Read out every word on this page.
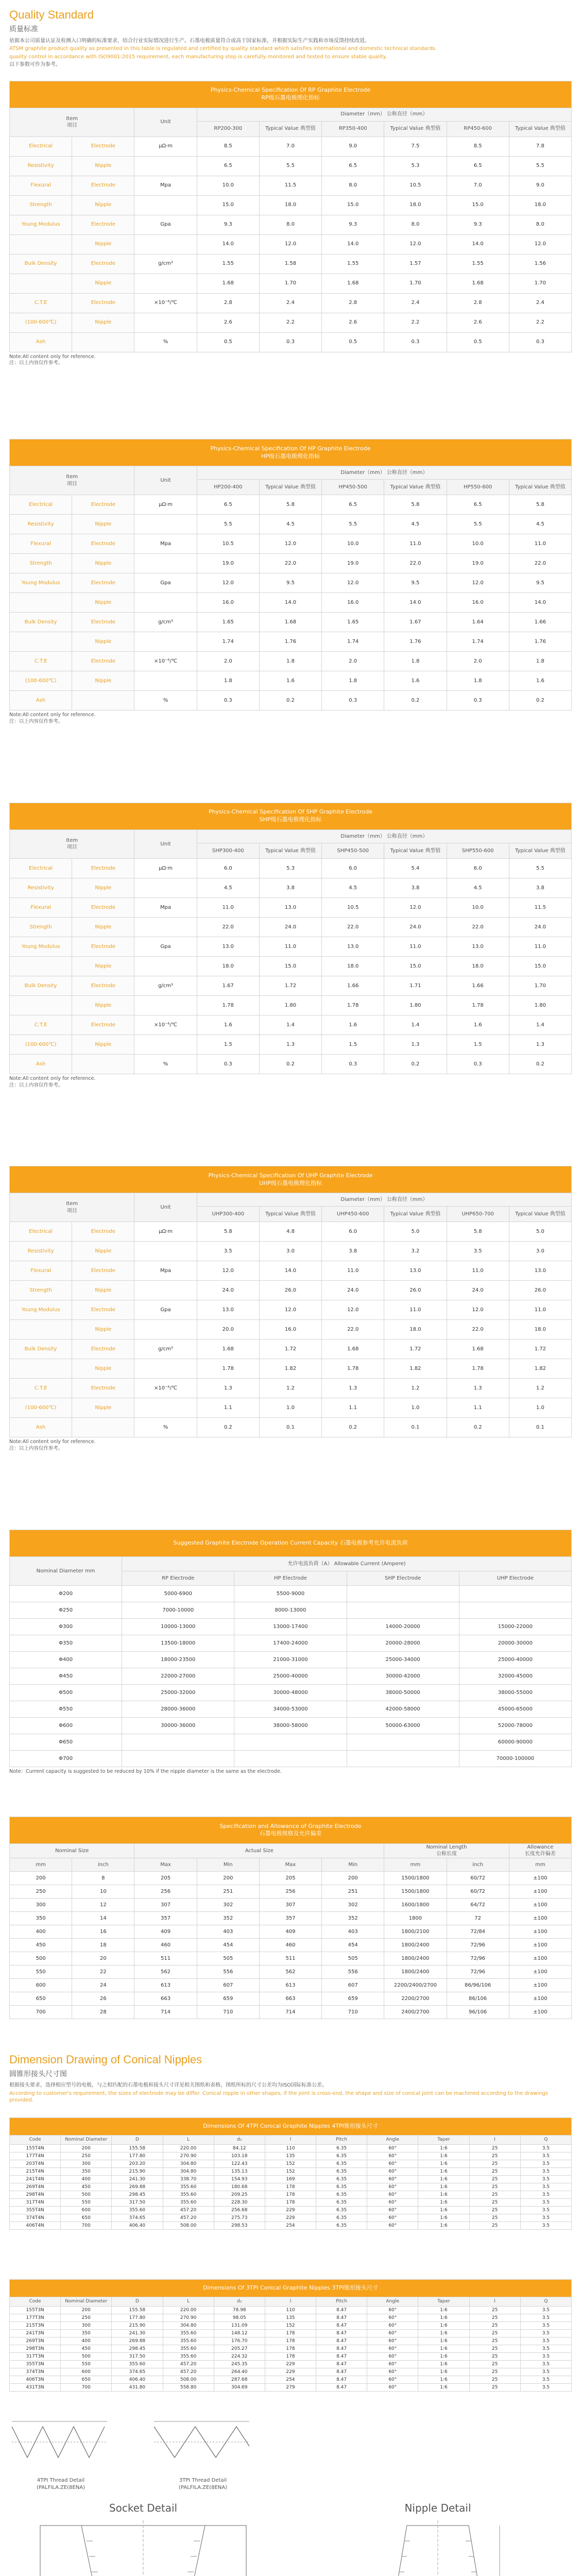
Quality Standard
质量标准

依据本公司质量认证及检测入口明确的标准要求，结合行业实际情况进行生产。石墨电极质量符合或高于国家标准，并根据实际生产实践和市场反馈持续改进。

ATSM graphite product quality as presented in this table is regulated and certified by quality standard which satisfies international and domestic technical standards.

quality control in accordance with ISO9001:2015 requirement, each manufacturing step is carefully monitored and tested to ensure stable quality.

以下参数可作为参考。

Physics-Chemical Specification Of RP Graphite Electrode
RP级石墨电极理化指标								
Item
项目		Unit	Diameter（mm） 公称直径（mm）					
			RP200-300	Typical Value 典型值	RP350-400	Typical Value 典型值	RP450-600	Typical Value 典型值
Electrical	Electrode	μΩ·m	8.5	7.0	9.0	7.5	8.5	7.8
Resistivity	Nipple		6.5	5.5	6.5	5.3	6.5	5.5
Flexural	Electrode	Mpa	10.0	11.5	8.0	10.5	7.0	9.0
Strength	Nipple		15.0	18.0	15.0	18.0	15.0	18.0
Young Modulus	Electrode	Gpa	9.3	8.0	9.3	8.0	9.3	8.0
	Nipple		14.0	12.0	14.0	12.0	14.0	12.0
Bulk Density	Electrode	g/cm³	1.55	1.58	1.55	1.57	1.55	1.56
	Nipple		1.68	1.70	1.68	1.70	1.68	1.70
C.T.E	Electrode	×10⁻⁶/℃	2.8	2.4	2.8	2.4	2.8	2.4
(100-600℃)	Nipple		2.6	2.2	2.6	2.2	2.6	2.2
Ash		%	0.5	0.3	0.5	0.3	0.5	0.3
Note:All content only for reference.
注：以上内容仅作参考。
Physics-Chemical Specification Of HP Graphite Electrode
HP级石墨电极理化指标								
Item
项目		Unit	Diameter（mm） 公称直径（mm）					
			HP200-400	Typical Value 典型值	HP450-500	Typical Value 典型值	HP550-600	Typical Value 典型值
Electrical	Electrode	μΩ·m	6.5	5.8	6.5	5.8	6.5	5.8
Resistivity	Nipple		5.5	4.5	5.5	4.5	5.5	4.5
Flexural	Electrode	Mpa	10.5	12.0	10.0	11.0	10.0	11.0
Strength	Nipple		19.0	22.0	19.0	22.0	19.0	22.0
Young Modulus	Electrode	Gpa	12.0	9.5	12.0	9.5	12.0	9.5
	Nipple		16.0	14.0	16.0	14.0	16.0	14.0
Bulk Density	Electrode	g/cm³	1.65	1.68	1.65	1.67	1.64	1.66
	Nipple		1.74	1.76	1.74	1.76	1.74	1.76
C.T.E	Electrode	×10⁻⁶/℃	2.0	1.8	2.0	1.8	2.0	1.8
(100-600℃)	Nipple		1.8	1.6	1.8	1.6	1.8	1.6
Ash		%	0.3	0.2	0.3	0.2	0.3	0.2
Note:All content only for reference.
注：以上内容仅作参考。
Physics-Chemical Specification Of SHP Graphite Electrode
SHP级石墨电极理化指标								
Item
项目		Unit	Diameter（mm） 公称直径（mm）					
			SHP300-400	Typical Value 典型值	SHP450-500	Typical Value 典型值	SHP550-600	Typical Value 典型值
Electrical	Electrode	μΩ·m	6.0	5.3	6.0	5.4	6.0	5.5
Resistivity	Nipple		4.5	3.8	4.5	3.8	4.5	3.8
Flexural	Electrode	Mpa	11.0	13.0	10.5	12.0	10.0	11.5
Strength	Nipple		22.0	24.0	22.0	24.0	22.0	24.0
Young Modulus	Electrode	Gpa	13.0	11.0	13.0	11.0	13.0	11.0
	Nipple		18.0	15.0	18.0	15.0	18.0	15.0
Bulk Density	Electrode	g/cm³	1.67	1.72	1.66	1.71	1.66	1.70
	Nipple		1.78	1.80	1.78	1.80	1.78	1.80
C.T.E	Electrode	×10⁻⁶/℃	1.6	1.4	1.6	1.4	1.6	1.4
(100-600℃)	Nipple		1.5	1.3	1.5	1.3	1.5	1.3
Ash		%	0.3	0.2	0.3	0.2	0.3	0.2
Note:All content only for reference.
注：以上内容仅作参考。
Physics-Chemical Specification Of UHP Graphite Electrode
UHP级石墨电极理化指标								
Item
项目		Unit	Diameter（mm） 公称直径（mm）					
			UHP300-400	Typical Value 典型值	UHP450-600	Typical Value 典型值	UHP650-700	Typical Value 典型值
Electrical	Electrode	μΩ·m	5.8	4.8	6.0	5.0	5.8	5.0
Resistivity	Nipple		3.5	3.0	3.8	3.2	3.5	3.0
Flexural	Electrode	Mpa	12.0	14.0	11.0	13.0	11.0	13.0
Strength	Nipple		24.0	26.0	24.0	26.0	24.0	26.0
Young Modulus	Electrode	Gpa	13.0	12.0	12.0	11.0	12.0	11.0
	Nipple		20.0	16.0	22.0	18.0	22.0	18.0
Bulk Density	Electrode	g/cm³	1.68	1.72	1.68	1.72	1.68	1.72
	Nipple		1.78	1.82	1.78	1.82	1.78	1.82
C.T.E	Electrode	×10⁻⁶/℃	1.3	1.2	1.3	1.2	1.3	1.2
(100-600℃)	Nipple		1.1	1.0	1.1	1.0	1.1	1.0
Ash		%	0.2	0.1	0.2	0.1	0.2	0.1
Note:All content only for reference.
注：以上内容仅作参考。
Suggested Graphite Electrode Operation Current Capacity 石墨电极参考允许电流负荷				
Nominal Diameter mm	允许电流负荷（A） Allowable Current (Ampere)			
	RP Electrode	HP Electrode	SHP Electrode	UHP Electrode
Φ200	5000-6900	5500-9000		
Φ250	7000-10000	8000-13000		
Φ300	10000-13000	13000-17400	14000-20000	15000-22000
Φ350	13500-18000	17400-24000	20000-28000	20000-30000
Φ400	18000-23500	21000-31000	25000-34000	25000-40000
Φ450	22000-27000	25000-40000	30000-42000	32000-45000
Φ500	25000-32000	30000-48000	38000-50000	38000-55000
Φ550	28000-36000	34000-53000	42000-58000	45000-65000
Φ600	30000-36000	38000-58000	50000-63000	52000-78000
Φ650				60000-90000
Φ700				70000-100000
Note：Current capacity is suggested to be reduced by 10% if the nipple diameter is the same as the electrode.
Specification and Allowance of Graphite Electrode
石墨电极规格及允许偏差								
Nominal Size		Actual Size				Nominal Length
公称长度		Allowance
长度允许偏差
mm	inch	Max	Min	Max	Min	mm	inch	mm
200	8	205	200	205	200	1500/1800	60/72	±100
250	10	256	251	256	251	1500/1800	60/72	±100
300	12	307	302	307	302	1600/1800	64/72	±100
350	14	357	352	357	352	1800	72	±100
400	16	409	403	409	403	1800/2100	72/84	±100
450	18	460	454	460	454	1800/2400	72/96	±100
500	20	511	505	511	505	1800/2400	72/96	±100
550	22	562	556	562	556	1800/2400	72/96	±100
600	24	613	607	613	607	2200/2400/2700	86/96/106	±100
650	26	663	659	663	659	2200/2700	86/106	±100
700	28	714	710	714	710	2400/2700	96/106	±100
Dimension Drawing of Conical Nipples
圆锥形接头尺寸图

根据接头要求，选择相应型号的电极，与之相匹配的石墨电极和接头尺寸详见相关图纸和表格，图纸所标的尺寸公差均为ISO国际标准公差。

According to customer's requirement, the sizes of electrode may be differ. Conical nipple in other shapes, if the joint is cross-end, the shape and size of conical joint can be machined according to the drawings provided.

Dimensions Of 4TPI Conical Graphite Nipples 4TPI锥形接头尺寸										
Code	Nominal Diameter	D	L	d₂	l	Pitch	Angle	Taper	I	Q
155T4N	200	155.58	220.00	84.12	110	6.35	60°	1:6	25	3.5
177T4N	250	177.80	270.90	103.18	135	6.35	60°	1:6	25	3.5
203T4N	300	203.20	304.80	122.43	152	6.35	60°	1:6	25	3.5
215T4N	350	215.90	304.80	135.13	152	6.35	60°	1:6	25	3.5
241T4N	400	241.30	338.70	154.93	169	6.35	60°	1:6	25	3.5
269T4N	450	269.88	355.60	180.68	178	6.35	60°	1:6	25	3.5
298T4N	500	298.45	355.60	209.25	178	6.35	60°	1:6	25	3.5
317T4N	550	317.50	355.60	228.30	178	6.35	60°	1:6	25	3.5
355T4N	600	355.60	457.20	256.68	229	6.35	60°	1:6	25	3.5
374T4N	650	374.65	457.20	275.73	229	6.35	60°	1:6	25	3.5
406T4N	700	406.40	508.00	298.53	254	6.35	60°	1:6	25	3.5
Dimensions Of 3TPI Conical Graphite Nipples 3TPI锥形接头尺寸										
Code	Nominal Diameter	D	L	d₂	l	Pitch	Angle	Taper	I	Q
155T3N	200	155.58	220.00	78.98	110	8.47	60°	1:6	25	3.5
177T3N	250	177.80	270.90	98.05	135	8.47	60°	1:6	25	3.5
215T3N	300	215.90	304.80	131.09	152	8.47	60°	1:6	25	3.5
241T3N	350	241.30	355.60	148.12	178	8.47	60°	1:6	25	3.5
269T3N	400	269.88	355.60	176.70	178	8.47	60°	1:6	25	3.5
298T3N	450	298.45	355.60	205.27	178	8.47	60°	1:6	25	3.5
317T3N	500	317.50	355.60	224.32	178	8.47	60°	1:6	25	3.5
355T3N	550	355.60	457.20	245.35	229	8.47	60°	1:6	25	3.5
374T3N	600	374.65	457.20	264.40	229	8.47	60°	1:6	25	3.5
406T3N	650	406.40	508.00	287.68	254	8.47	60°	1:6	25	3.5
431T3N	700	431.80	558.80	304.69	279	8.47	60°	1:6	25	3.5
4TPI Thread Detail
(PALFILA.ZE(8ENA)
3TPI Thread Detail
(PALFILA.ZE(8ENA)
Socket Detail	Nipple Detail
